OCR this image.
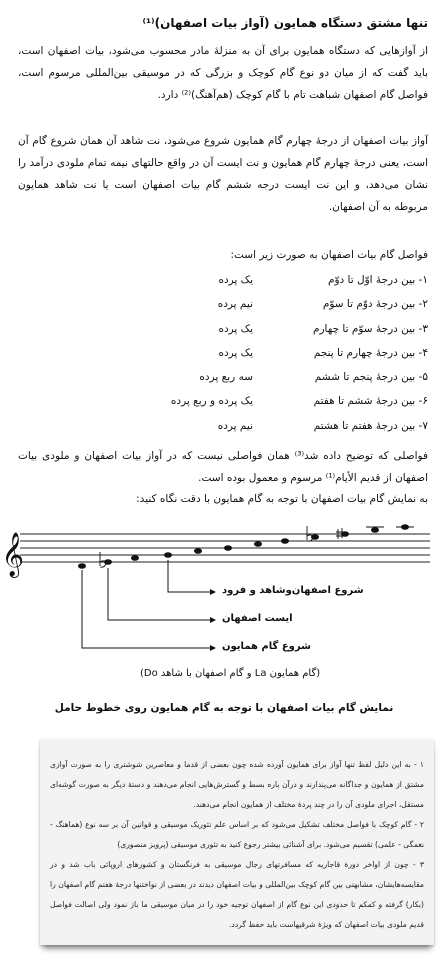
تنها مشتق دستگاه همایون (آواز بیات اصفهان)⁽¹⁾
از آوازهایی که دستگاه همایون برای آن به منزلهٔ مادر محسوب می‌شود، بیات اصفهان است، باید گفت که از میان دو نوع گام کوچک و بزرگی که در موسیقی بین‌المللی مرسوم است، فواصل گام اصفهان شباهت تام با گام کوچک (هم‌آهنگ)⁽²⁾ دارد.
آواز بیات اصفهان از درجهٔ چهارم گام همایون شروع می‌شود، نت شاهد آن همان شروع گام آن است، یعنی درجهٔ چهارم گام همایون و نت ایست آن در واقع حالتهای نیمه تمام ملودی درآمد را نشان می‌دهد، و این نت ایست درجه ششم گام بیات اصفهان است یا نت شاهد همایون مربوطه به آن اصفهان.
فواصل گام بیات اصفهان به صورت زیر است:
۱- بین درجهٔ اوّل تا دوّم
یک پرده
۲- بین درجهٔ دوّم تا سوّم
نیم پرده
۳- بین درجهٔ سوّم تا چهارم
یک پرده
۴- بین درجهٔ چهارم تا پنجم
یک پرده
۵- بین درجهٔ پنجم تا ششم
سه ربع پرده
۶- بین درجهٔ ششم تا هفتم
یک پرده و ربع پرده
۷- بین درجهٔ هفتم تا هشتم
نیم پرده
فواصلی که توضیح داده شد⁽³⁾ همان فواصلی نیست که در آواز بیات اصفهان و ملودی بیات اصفهان از قدیم الأیام⁽¹⁾ مرسوم و معمول بوده است.
به نمایش گام بیات اصفهان با توجه به گام همایون با دقت نگاه کنید:
𝄞
شروع اصفهان‌وشاهد و فرود
ایست اصفهان
شروع گام همایون
(گام همایون La و گام اصفهان با شاهد Do)
نمایش گام بیات اصفهان با توجه به گام همایون روی خطوط حامل

۱ - به این دلیل لفظ تنها آواز برای همایون آورده شده چون بعضی از قدما و معاصرین شوشتری را به صورت آوازی مشتق از همایون و جداگانه می‌پندارند و درآن باره بسط و گسترش‌هایی انجام می‌دهند و دستهٔ دیگر به صورت گوشه‌ای مستقل، اجرای ملودی آن را در چند پردهٔ مختلف از همایون انجام می‌دهند.

۲ - گام کوچک با فواصل مختلف تشکیل می‌شود که بر اساس علم تئوریک موسیقی و قوانین آن بر سه نوع (هماهنگ - نغمگی - علمی) تقسیم می‌شود. برای آشنائی بیشتر رجوع کنید به تئوری موسیقی (پرویز منصوری)

۳ - چون از اواخر دورهٔ قاجاریه که مسافرتهای رجال موسیقی به فرنگستان و کشورهای اروپائی باب شد و در مقایسه‌هایشان، مشابهتی بین گام کوچک بین‌المللی و بیات اصفهان دیدند در بعضی از نواختنها درجهٔ هفتم گام اصفهان را (بکار) گرفته و کمکم تا حدودی این نوع گام از اصفهان توجیه خود را در میان موسیقی ما باز نمود ولی اصالت فواصل قدیم ملودی بیات اصفهان که ویژهٔ شرقیهاست باید حفظ گردد.
